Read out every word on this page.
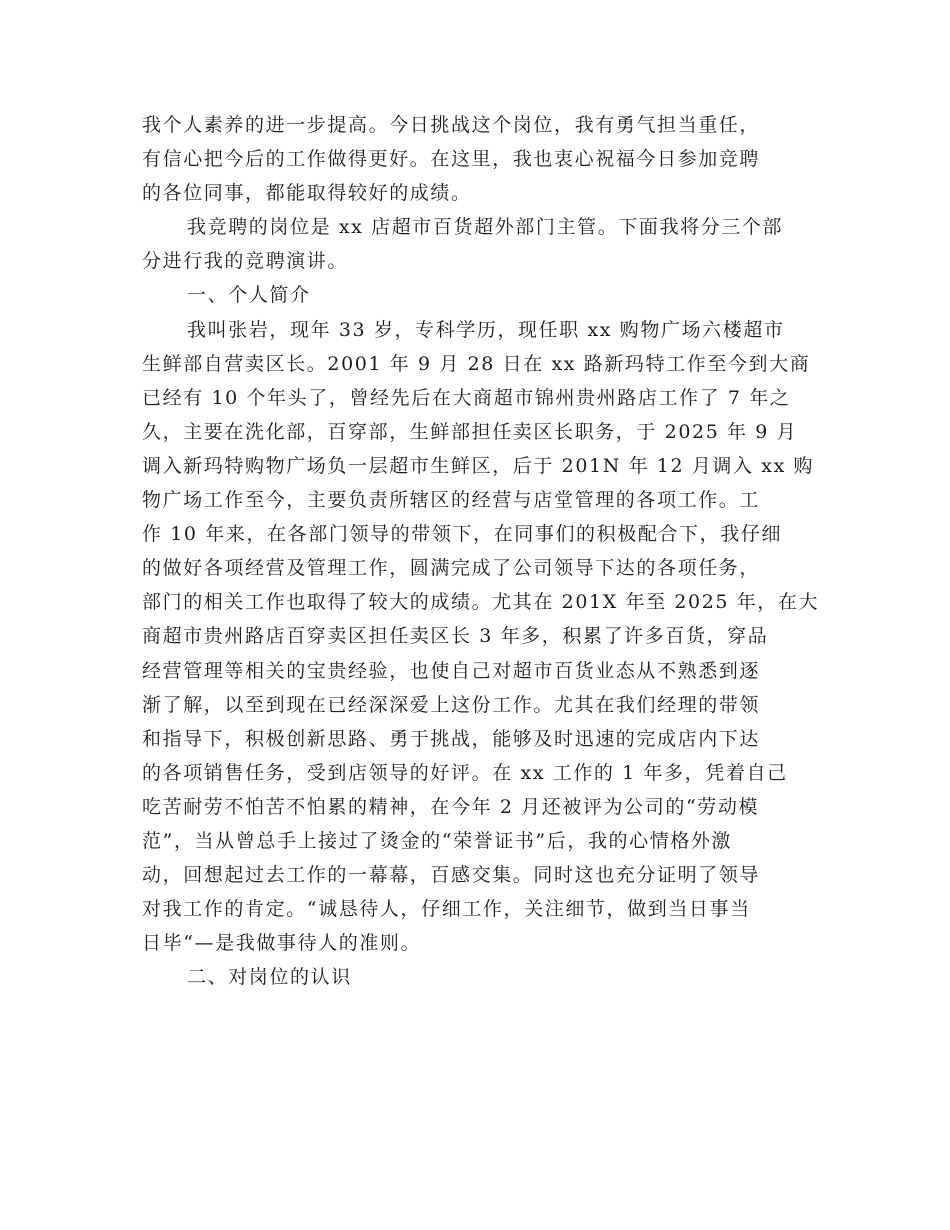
我个人素养的进一步提高。今日挑战这个岗位，我有勇气担当重任，
有信心把今后的工作做得更好。在这里，我也衷心祝福今日参加竞聘
的各位同事，都能取得较好的成绩。
我竞聘的岗位是 xx 店超市百货超外部门主管。下面我将分三个部
分进行我的竞聘演讲。
一、个人简介
我叫张岩，现年 33 岁，专科学历，现任职 xx 购物广场六楼超市
生鲜部自营卖区长。2001 年 9 月 28 日在 xx 路新玛特工作至今到大商
已经有 10 个年头了，曾经先后在大商超市锦州贵州路店工作了 7 年之
久，主要在洗化部，百穿部，生鲜部担任卖区长职务，于 2025 年 9 月
调入新玛特购物广场负一层超市生鲜区，后于 201N 年 12 月调入 xx 购
物广场工作至今，主要负责所辖区的经营与店堂管理的各项工作。工
作 10 年来，在各部门领导的带领下，在同事们的积极配合下，我仔细
的做好各项经营及管理工作，圆满完成了公司领导下达的各项任务，
部门的相关工作也取得了较大的成绩。尤其在 201X 年至 2025 年，在大
商超市贵州路店百穿卖区担任卖区长 3 年多，积累了许多百货，穿品
经营管理等相关的宝贵经验，也使自己对超市百货业态从不熟悉到逐
渐了解，以至到现在已经深深爱上这份工作。尤其在我们经理的带领
和指导下，积极创新思路、勇于挑战，能够及时迅速的完成店内下达
的各项销售任务，受到店领导的好评。在 xx 工作的 1 年多，凭着自己
吃苦耐劳不怕苦不怕累的精神，在今年 2 月还被评为公司的“劳动模
范”，当从曾总手上接过了烫金的“荣誉证书”后，我的心情格外激
动，回想起过去工作的一幕幕，百感交集。同时这也充分证明了领导
对我工作的肯定。“诚恳待人，仔细工作，关注细节，做到当日事当
日毕“—是我做事待人的准则。
二、对岗位的认识
